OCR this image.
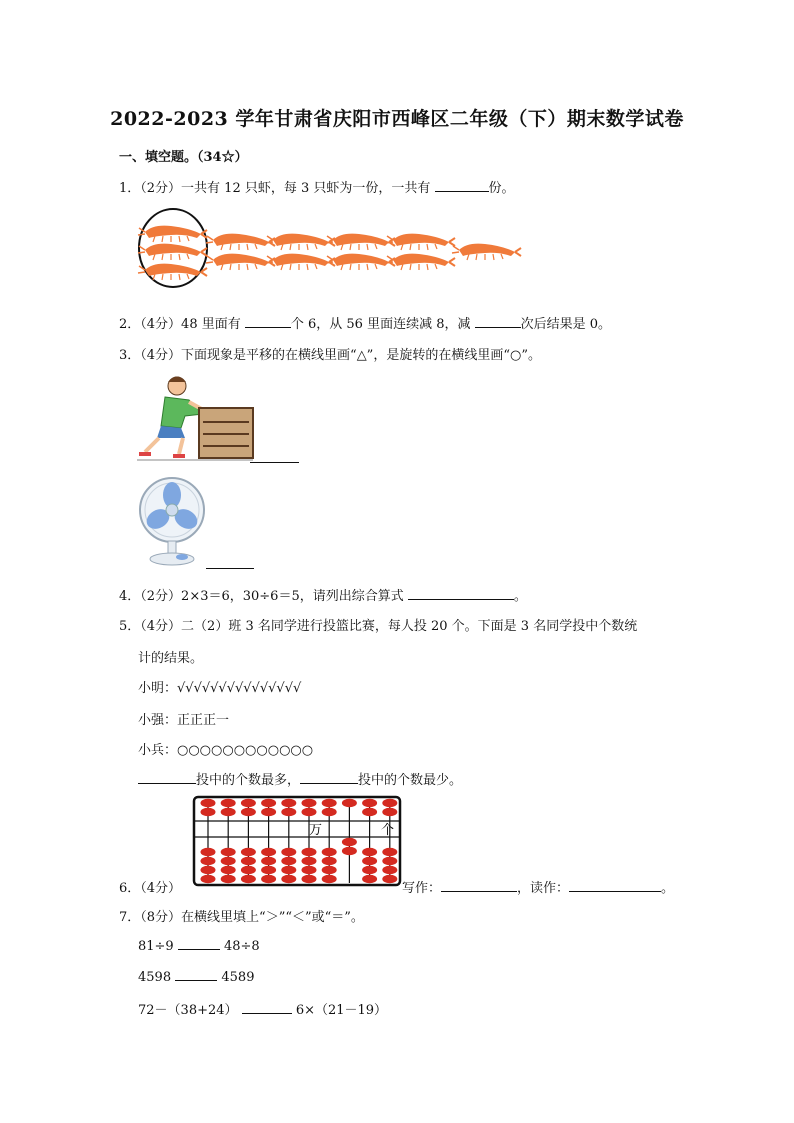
2022-2023 学年甘肃省庆阳市西峰区二年级（下）期末数学试卷
一、填空题。（34☆）
1．（2分）一共有 12 只虾，每 3 只虾为一份，一共有	份。
2．（4分）48 里面有	个 6，从 56 里面连续减 8，减	次后结果是 0。
3．（4分）下面现象是平移的在横线里画“△”，是旋转的在横线里画“○”。
4．（2分）2×3＝6，30÷6＝5，请列出综合算式	。
5．（4分）二（2）班 3 名同学进行投篮比赛，每人投 20 个。下面是 3 名同学投中个数统
计的结果。
小明：√√√√√√√√√√√√√√√
小强：正正正一
小兵：○○○○○○○○○○○○
投中的个数最多，	投中的个数最少。
万	个
6．（4分）	写作：	，读作：	。
7．（8分）在横线里填上“＞”“＜”或“＝”。
81÷9	48÷8
4598	4589
72－（38+24）	6×（21－19）
